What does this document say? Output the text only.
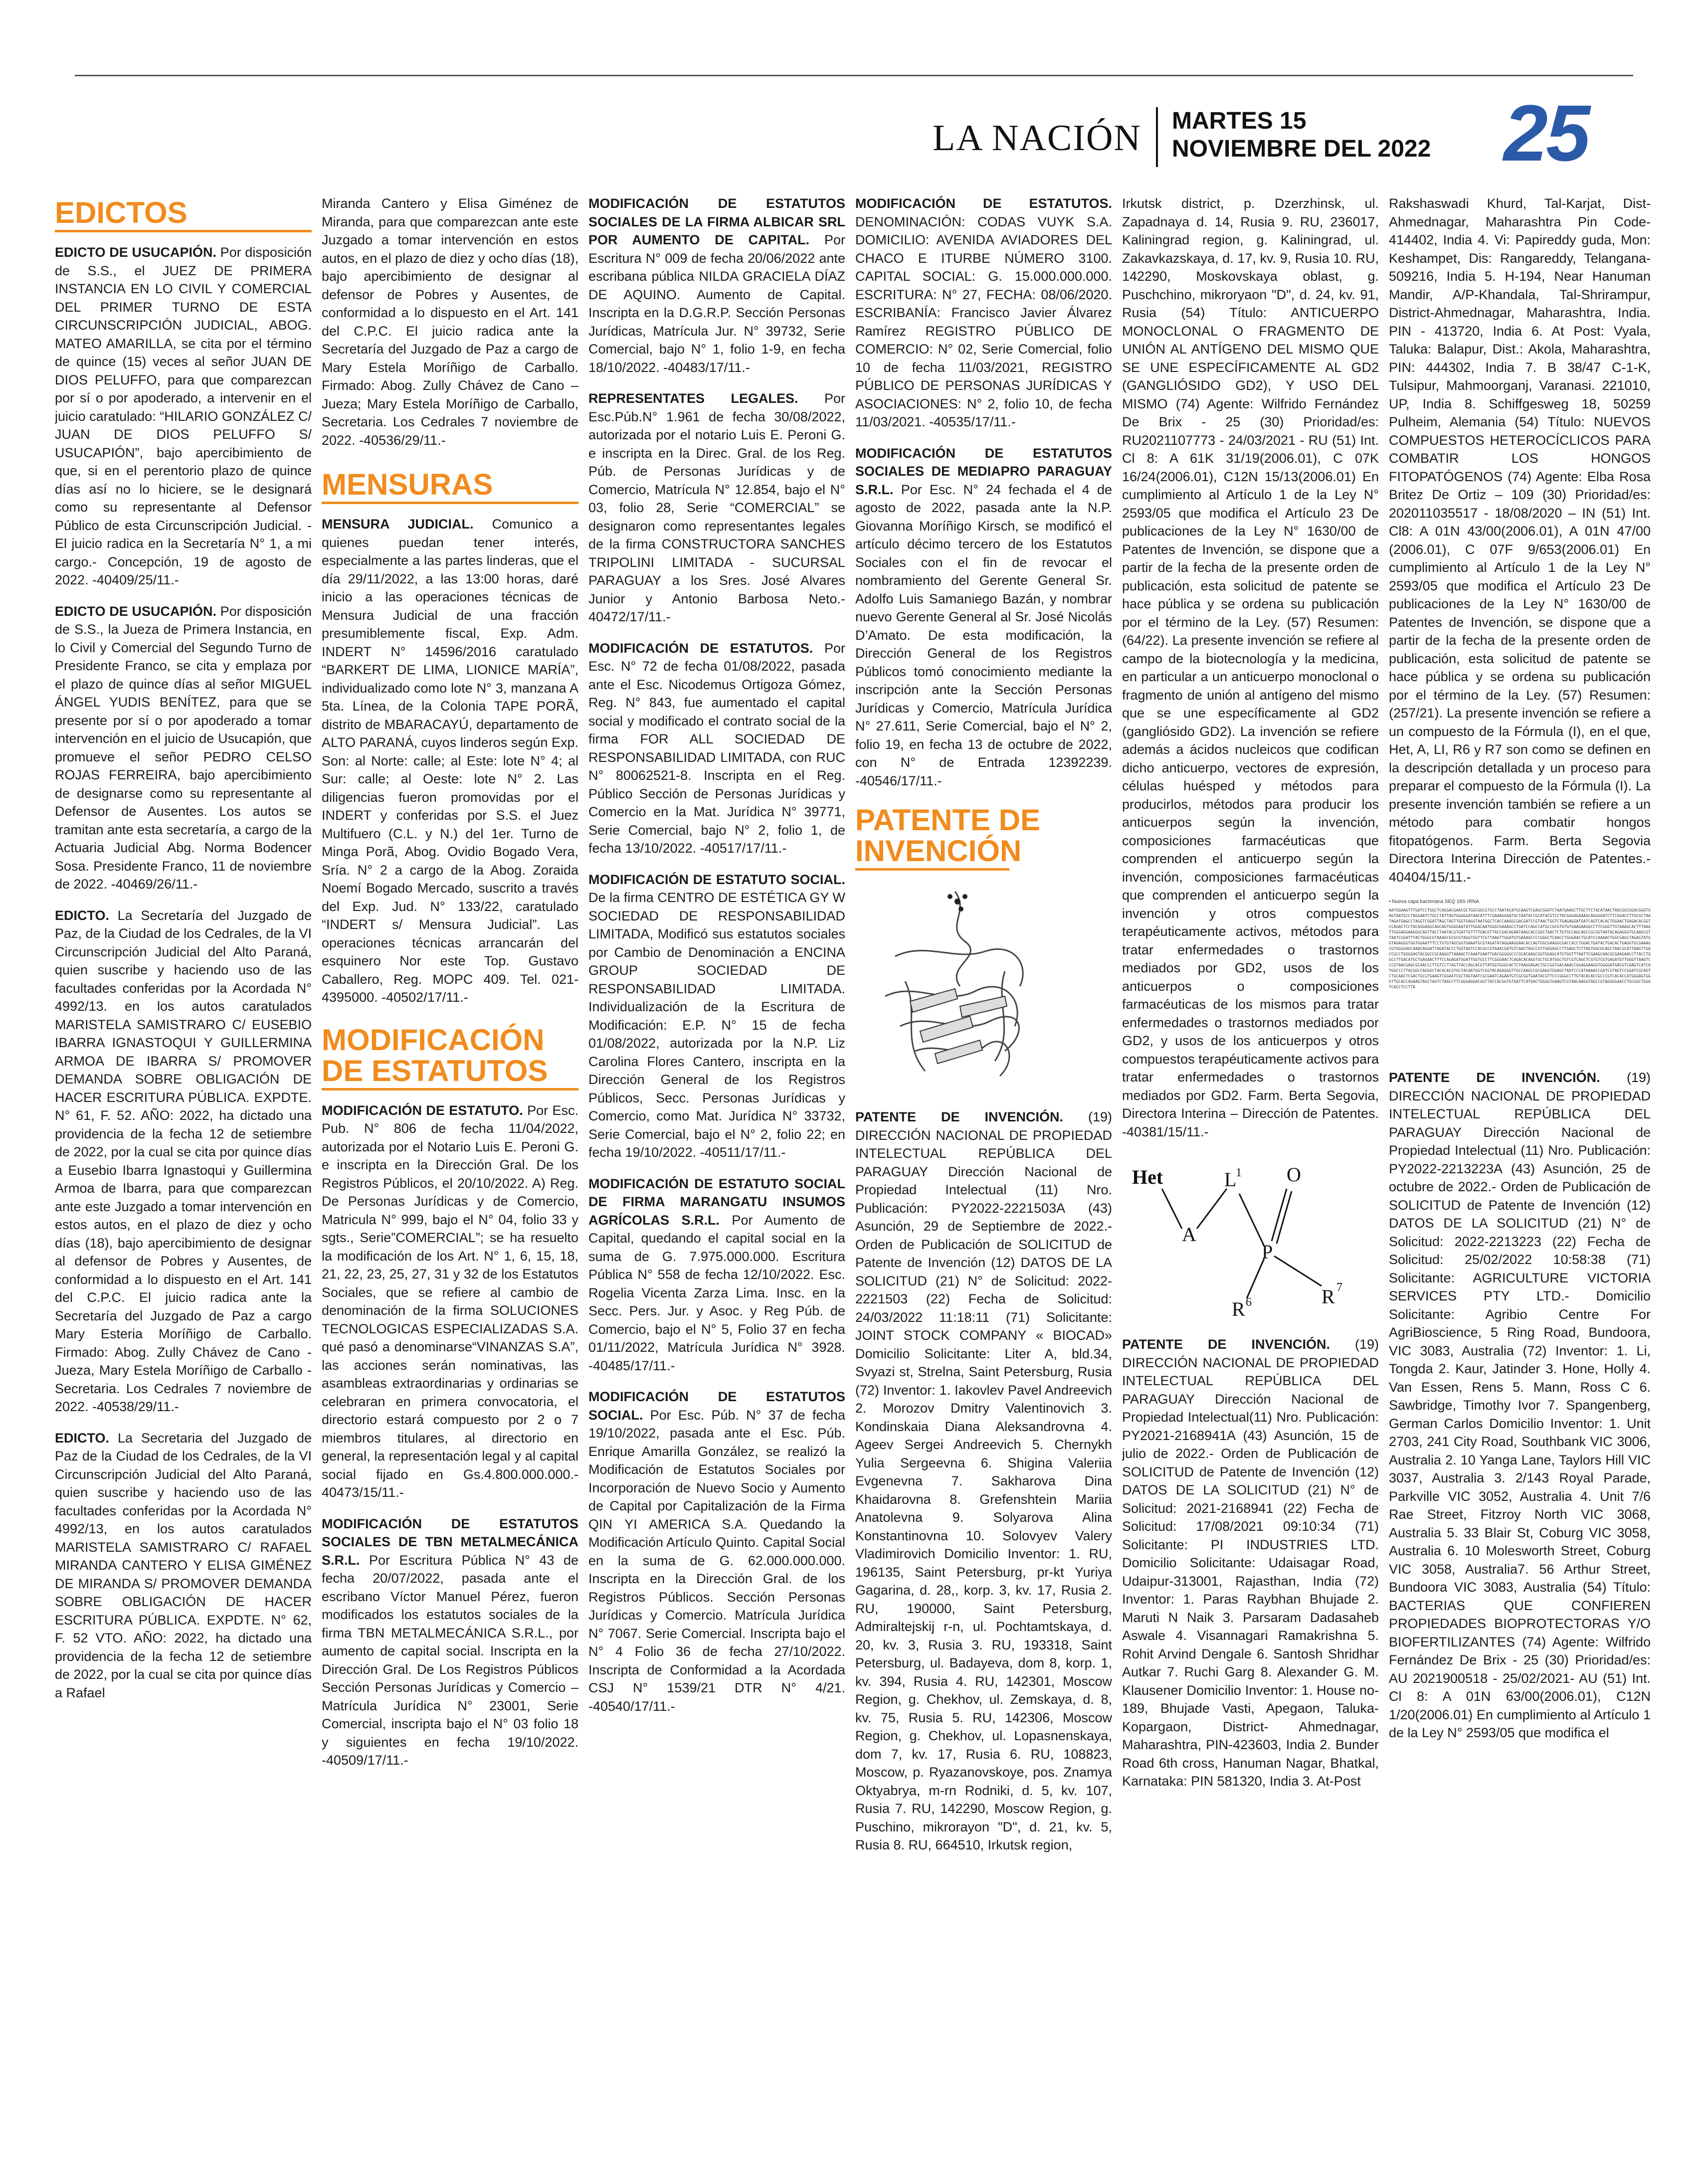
LA NACIÓN MARTES 15
NOVIEMBRE DEL 2022 25
EDICTOS
EDICTO DE USUCAPIÓN. Por disposición de S.S., el JUEZ DE PRIMERA INSTANCIA EN LO CIVIL Y COMERCIAL DEL PRIMER TURNO DE ESTA CIRCUNSCRIPCIÓN JUDICIAL, ABOG. MATEO AMARILLA, se cita por el término de quince (15) veces al señor JUAN DE DIOS PELUFFO, para que comparezcan por sí o por apoderado, a intervenir en el juicio caratulado: “HILARIO GONZÁLEZ C/ JUAN DE DIOS PELUFFO S/ USUCAPIÓN”, bajo apercibimiento de que, si en el perentorio plazo de quince días así no lo hiciere, se le designará como su representante al Defensor Público de esta Circunscripción Judicial. - El juicio radica en la Secretaría N° 1, a mi cargo.- Concepción, 19 de agosto de 2022. -40409/25/11.-
EDICTO DE USUCAPIÓN. Por disposición de S.S., la Jueza de Primera Instancia, en lo Civil y Comercial del Segundo Turno de Presidente Franco, se cita y emplaza por el plazo de quince días al señor MIGUEL ÁNGEL YUDIS BENÍTEZ, para que se presente por sí o por apoderado a tomar intervención en el juicio de Usucapión, que promueve el señor PEDRO CELSO ROJAS FERREIRA, bajo apercibimiento de designarse como su representante al Defensor de Ausentes. Los autos se tramitan ante esta secretaría, a cargo de la Actuaria Judicial Abg. Norma Bodencer Sosa. Presidente Franco, 11 de noviembre de 2022. -40469/26/11.-
EDICTO. La Secretaría del Juzgado de Paz, de la Ciudad de los Cedrales, de la VI Circunscripción Judicial del Alto Paraná, quien suscribe y haciendo uso de las facultades conferidas por la Acordada N° 4992/13. en los autos caratulados MARISTELA SAMISTRARO C/ EUSEBIO IBARRA IGNASTOQUI Y GUILLERMINA ARMOA DE IBARRA S/ PROMOVER DEMANDA SOBRE OBLIGACIÓN DE HACER ESCRITURA PÚBLICA. EXPDTE. N° 61, F. 52. AÑO: 2022, ha dictado una providencia de la fecha 12 de setiembre de 2022, por la cual se cita por quince días a Eusebio Ibarra Ignastoqui y Guillermina Armoa de Ibarra, para que comparezcan ante este Juzgado a tomar intervención en estos autos, en el plazo de diez y ocho días (18), bajo apercibimiento de designar al defensor de Pobres y Ausentes, de conformidad a lo dispuesto en el Art. 141 del C.P.C. El juicio radica ante la Secretaría del Juzgado de Paz a cargo Mary Esteria Moríñigo de Carballo. Firmado: Abog. Zully Chávez de Cano - Jueza, Mary Estela Moríñigo de Carballo - Secretaria. Los Cedrales 7 noviembre de 2022. -40538/29/11.-
EDICTO. La Secretaria del Juzgado de Paz de la Ciudad de los Cedrales, de la VI Circunscripción Judicial del Alto Paraná, quien suscribe y haciendo uso de las facultades conferidas por la Acordada N° 4992/13, en los autos caratulados MARISTELA SAMISTRARO C/ RAFAEL MIRANDA CANTERO Y ELISA GIMÉNEZ DE MIRANDA S/ PROMOVER DEMANDA SOBRE OBLIGACIÓN DE HACER ESCRITURA PÚBLICA. EXPDTE. N° 62, F. 52 VTO. AÑO: 2022, ha dictado una providencia de la fecha 12 de setiembre de 2022, por la cual se cita por quince días a Rafael
Miranda Cantero y Elisa Giménez de Miranda, para que comparezcan ante este Juzgado a tomar intervención en estos autos, en el plazo de diez y ocho días (18), bajo apercibimiento de designar al defensor de Pobres y Ausentes, de conformidad a lo dispuesto en el Art. 141 del C.P.C. El juicio radica ante la Secretaría del Juzgado de Paz a cargo de Mary Estela Moríñigo de Carballo. Firmado: Abog. Zully Chávez de Cano – Jueza; Mary Estela Moríñigo de Carballo, Secretaria. Los Cedrales 7 noviembre de 2022. -40536/29/11.-
MENSURAS
MENSURA JUDICIAL. Comunico a quienes puedan tener interés, especialmente a las partes linderas, que el día 29/11/2022, a las 13:00 horas, daré inicio a las operaciones técnicas de Mensura Judicial de una fracción presumiblemente fiscal, Exp. Adm. INDERT N° 14596/2016 caratulado “BARKERT DE LIMA, LIONICE MARÍA”, individualizado como lote N° 3, manzana A 5ta. Línea, de la Colonia TAPE PORÃ, distrito de MBARACAYÚ, departamento de ALTO PARANÁ, cuyos linderos según Exp. Son: al Norte: calle; al Este: lote N° 4; al Sur: calle; al Oeste: lote N° 2. Las diligencias fueron promovidas por el INDERT y conferidas por S.S. el Juez Multifuero (C.L. y N.) del 1er. Turno de Minga Porã, Abog. Ovidio Bogado Vera, Sría. N° 2 a cargo de la Abog. Zoraida Noemí Bogado Mercado, suscrito a través del Exp. Jud. N° 133/22, caratulado “INDERT s/ Mensura Judicial”. Las operaciones técnicas arrancarán del esquinero Nor este Top. Gustavo Caballero, Reg. MOPC 409. Tel. 021-4395000. -40502/17/11.-
MODIFICACIÓN
DE ESTATUTOS
MODIFICACIÓN DE ESTATUTO. Por Esc. Pub. N° 806 de fecha 11/04/2022, autorizada por el Notario Luis E. Peroni G. e inscripta en la Dirección Gral. De los Registros Públicos, el 20/10/2022. A) Reg. De Personas Jurídicas y de Comercio, Matricula N° 999, bajo el N° 04, folio 33 y sgts., Serie”COMERCIAL”; se ha resuelto la modificación de los Art. N° 1, 6, 15, 18, 21, 22, 23, 25, 27, 31 y 32 de los Estatutos Sociales, que se refiere al cambio de denominación de la firma SOLUCIONES TECNOLOGICAS ESPECIALIZADAS S.A. qué pasó a denominarse“VINANZAS S.A”, las acciones serán nominativas, las asambleas extraordinarias y ordinarias se celebraran en primera convocatoria, el directorio estará compuesto por 2 o 7 miembros titulares, al directorio en general, la representación legal y al capital social fijado en Gs.4.800.000.000.- 40473/15/11.-
MODIFICACIÓN DE ESTATUTOS SOCIALES DE TBN METALMECÁNICA S.R.L. Por Escritura Pública N° 43 de fecha 20/07/2022, pasada ante el escribano Víctor Manuel Pérez, fueron modificados los estatutos sociales de la firma TBN METALMECÁNICA S.R.L., por aumento de capital social. Inscripta en la Dirección Gral. De Los Registros Públicos Sección Personas Jurídicas y Comercio – Matrícula Jurídica N° 23001, Serie Comercial, inscripta bajo el N° 03 folio 18 y siguientes en fecha 19/10/2022. -40509/17/11.-
MODIFICACIÓN DE ESTATUTOS SOCIALES DE LA FIRMA ALBICAR SRL POR AUMENTO DE CAPITAL. Por Escritura N° 009 de fecha 20/06/2022 ante escribana pública NILDA GRACIELA DÍAZ DE AQUINO. Aumento de Capital. Inscripta en la D.G.R.P. Sección Personas Jurídicas, Matrícula Jur. N° 39732, Serie Comercial, bajo N° 1, folio 1-9, en fecha 18/10/2022. -40483/17/11.-
REPRESENTATES LEGALES. Por Esc.Púb.N° 1.961 de fecha 30/08/2022, autorizada por el notario Luis E. Peroni G. e inscripta en la Direc. Gral. de los Reg. Púb. de Personas Jurídicas y de Comercio, Matrícula N° 12.854, bajo el N° 03, folio 28, Serie “COMERCIAL” se designaron como representantes legales de la firma CONSTRUCTORA SANCHES TRIPOLINI LIMITADA - SUCURSAL PARAGUAY a los Sres. José Alvares Junior y Antonio Barbosa Neto.- 40472/17/11.-
MODIFICACIÓN DE ESTATUTOS. Por Esc. N° 72 de fecha 01/08/2022, pasada ante el Esc. Nicodemus Ortigoza Gómez, Reg. N° 843, fue aumentado el capital social y modificado el contrato social de la firma FOR ALL SOCIEDAD DE RESPONSABILIDAD LIMITADA, con RUC N° 80062521-8. Inscripta en el Reg. Público Sección de Personas Jurídicas y Comercio en la Mat. Jurídica N° 39771, Serie Comercial, bajo N° 2, folio 1, de fecha 13/10/2022. -40517/17/11.-
MODIFICACIÓN DE ESTATUTO SOCIAL. De la firma CENTRO DE ESTÉTICA GY W SOCIEDAD DE RESPONSABILIDAD LIMITADA, Modificó sus estatutos sociales por Cambio de Denominación a ENCINA GROUP SOCIEDAD DE RESPONSABILIDAD LIMITADA. Individualización de la Escritura de Modificación: E.P. N° 15 de fecha 01/08/2022, autorizada por la N.P. Liz Carolina Flores Cantero, inscripta en la Dirección General de los Registros Públicos, Secc. Personas Jurídicas y Comercio, como Mat. Jurídica N° 33732, Serie Comercial, bajo el N° 2, folio 22; en fecha 19/10/2022. -40511/17/11.-
MODIFICACIÓN DE ESTATUTO SOCIAL DE FIRMA MARANGATU INSUMOS AGRÍCOLAS S.R.L. Por Aumento de Capital, quedando el capital social en la suma de G. 7.975.000.000. Escritura Pública N° 558 de fecha 12/10/2022. Esc. Rogelia Vicenta Zarza Lima. Insc. en la Secc. Pers. Jur. y Asoc. y Reg Púb. de Comercio, bajo el N° 5, Folio 37 en fecha 01/11/2022, Matrícula Jurídica N° 3928. -40485/17/11.-
MODIFICACIÓN DE ESTATUTOS SOCIAL. Por Esc. Púb. N° 37 de fecha 19/10/2022, pasada ante el Esc. Púb. Enrique Amarilla González, se realizó la Modificación de Estatutos Sociales por Incorporación de Nuevo Socio y Aumento de Capital por Capitalización de la Firma QIN YI AMERICA S.A. Quedando la Modificación Artículo Quinto. Capital Social en la suma de G. 62.000.000.000. Inscripta en la Dirección Gral. de los Registros Públicos. Sección Personas Jurídicas y Comercio. Matrícula Jurídica N° 7067. Serie Comercial. Inscripta bajo el N° 4 Folio 36 de fecha 27/10/2022. Inscripta de Conformidad a la Acordada CSJ N° 1539/21 DTR N° 4/21. -40540/17/11.-
MODIFICACIÓN DE ESTATUTOS. DENOMINACIÓN: CODAS VUYK S.A. DOMICILIO: AVENIDA AVIADORES DEL CHACO E ITURBE NÚMERO 3100. CAPITAL SOCIAL: G. 15.000.000.000. ESCRITURA: N° 27, FECHA: 08/06/2020. ESCRIBANÍA: Francisco Javier Álvarez Ramírez REGISTRO PÚBLICO DE COMERCIO: N° 02, Serie Comercial, folio 10 de fecha 11/03/2021, REGISTRO PÚBLICO DE PERSONAS JURÍDICAS Y ASOCIACIONES: N° 2, folio 10, de fecha 11/03/2021. -40535/17/11.-
MODIFICACIÓN DE ESTATUTOS SOCIALES DE MEDIAPRO PARAGUAY S.R.L. Por Esc. N° 24 fechada el 4 de agosto de 2022, pasada ante la N.P. Giovanna Moríñigo Kirsch, se modificó el artículo décimo tercero de los Estatutos Sociales con el fin de revocar el nombramiento del Gerente General Sr. Adolfo Luis Samaniego Bazán, y nombrar nuevo Gerente General al Sr. José Nicolás D’Amato. De esta modificación, la Dirección General de los Registros Públicos tomó conocimiento mediante la inscripción ante la Sección Personas Jurídicas y Comercio, Matrícula Jurídica N° 27.611, Serie Comercial, bajo el N° 2, folio 19, en fecha 13 de octubre de 2022, con N° de Entrada 12392239. -40546/17/11.-
PATENTE DE
INVENCIÓN
PATENTE DE INVENCIÓN. (19) DIRECCIÓN NACIONAL DE PROPIEDAD INTELECTUAL REPÚBLICA DEL PARAGUAY Dirección Nacional de Propiedad Intelectual (11) Nro. Publicación: PY2022-2221503A (43) Asunción, 29 de Septiembre de 2022.- Orden de Publicación de SOLICITUD de Patente de Invención (12) DATOS DE LA SOLICITUD (21) N° de Solicitud: 2022-2221503 (22) Fecha de Solicitud: 24/03/2022 11:18:11 (71) Solicitante: JOINT STOCK COMPANY « BIOCAD» Domicilio Solicitante: Liter A, bld.34, Svyazi st, Strelna, Saint Petersburg, Rusia (72) Inventor: 1. Iakovlev Pavel Andreevich 2. Morozov Dmitry Valentinovich 3. Kondinskaia Diana Aleksandrovna 4. Ageev Sergei Andreevich 5. Chernykh Yulia Sergeevna 6. Shigina Valeriia Evgenevna 7. Sakharova Dina Khaidarovna 8. Grefenshtein Mariia Anatolevna 9. Solyarova Alina Konstantinovna 10. Solovyev Valery Vladimirovich Domicilio Inventor: 1. RU, 196135, Saint Petersburg, pr-kt Yuriya Gagarina, d. 28,, korp. 3, kv. 17, Rusia 2. RU, 190000, Saint Petersburg, Admiraltejskij r-n, ul. Pochtamtskaya, d. 20, kv. 3, Rusia 3. RU, 193318, Saint Petersburg, ul. Badayeva, dom 8, korp. 1, kv. 394, Rusia 4. RU, 142301, Moscow Region, g. Chekhov, ul. Zemskaya, d. 8, kv. 75, Rusia 5. RU, 142306, Moscow Region, g. Chekhov, ul. Lopasnenskaya, dom 7, kv. 17, Rusia 6. RU, 108823, Moscow, p. Ryazanovskoye, pos. Znamya Oktyabrya, m-rn Rodniki, d. 5, kv. 107, Rusia 7. RU, 142290, Moscow Region, g. Puschino, mikrorayon "D", d. 21, kv. 5, Rusia 8. RU, 664510, Irkutsk region,
Irkutsk district, p. Dzerzhinsk, ul. Zapadnaya d. 14, Rusia 9. RU, 236017, Kaliningrad region, g. Kaliningrad, ul. Zakavkazskaya, d. 17, kv. 9, Rusia 10. RU, 142290, Moskovskaya oblast, g. Puschchino, mikroryaon "D", d. 24, kv. 91, Rusia (54) Título: ANTICUERPO MONOCLONAL O FRAGMENTO DE UNIÓN AL ANTÍGENO DEL MISMO QUE SE UNE ESPECÍFICAMENTE AL GD2 (GANGLIÓSIDO GD2), Y USO DEL MISMO (74) Agente: Wilfrido Fernández De Brix - 25 (30) Prioridad/es: RU2021107773 - 24/03/2021 - RU (51) Int. Cl 8: A 61K 31/19(2006.01), C 07K 16/24(2006.01), C12N 15/13(2006.01) En cumplimiento al Artículo 1 de la Ley N° 2593/05 que modifica el Artículo 23 De publicaciones de la Ley N° 1630/00 de Patentes de Invención, se dispone que a partir de la fecha de la presente orden de publicación, esta solicitud de patente se hace pública y se ordena su publicación por el término de la Ley. (57) Resumen: (64/22). La presente invención se refiere al campo de la biotecnología y la medicina, en particular a un anticuerpo monoclonal o fragmento de unión al antígeno del mismo que se une específicamente al GD2 (gangliósido GD2). La invención se refiere además a ácidos nucleicos que codifican dicho anticuerpo, vectores de expresión, células huésped y métodos para producirlos, métodos para producir los anticuerpos según la invención, composiciones farmacéuticas que comprenden el anticuerpo según la invención, composiciones farmacéuticas que comprenden el anticuerpo según la invención y otros compuestos terapéuticamente activos, métodos para tratar enfermedades o trastornos mediados por GD2, usos de los anticuerpos o composiciones farmacéuticas de los mismos para tratar enfermedades o trastornos mediados por GD2, y usos de los anticuerpos y otros compuestos terapéuticamente activos para tratar enfermedades o trastornos mediados por GD2. Farm. Berta Segovia, Directora Interina – Dirección de Patentes. -40381/15/11.-
Het
A
L
1 O
P
R 6	R 7
PATENTE DE INVENCIÓN. (19) DIRECCIÓN NACIONAL DE PROPIEDAD INTELECTUAL REPÚBLICA DEL PARAGUAY Dirección Nacional de Propiedad Intelectual(11) Nro. Publicación: PY2021-2168941A (43) Asunción, 15 de julio de 2022.- Orden de Publicación de SOLICITUD de Patente de Invención (12) DATOS DE LA SOLICITUD (21) N° de Solicitud: 2021-2168941 (22) Fecha de Solicitud: 17/08/2021 09:10:34 (71) Solicitante: PI INDUSTRIES LTD. Domicilio Solicitante: Udaisagar Road, Udaipur-313001, Rajasthan, India (72) Inventor: 1. Paras Raybhan Bhujade 2. Maruti N Naik 3. Parsaram Dadasaheb Aswale 4. Visannagari Ramakrishna 5. Rohit Arvind Dengale 6. Santosh Shridhar Autkar 7. Ruchi Garg 8. Alexander G. M. Klausener Domicilio Inventor: 1. House no- 189, Bhujade Vasti, Apegaon, Taluka-Kopargaon, District- Ahmednagar, Maharashtra, PIN-423603, India 2. Bunder Road 6th cross, Hanuman Nagar, Bhatkal, Karnataka: PIN 581320, India 3. At-Post
Rakshaswadi Khurd, Tal-Karjat, Dist-Ahmednagar, Maharashtra Pin Code-414402, India 4. Vi: Papireddy guda, Mon: Keshampet, Dis: Rangareddy, Telangana-509216, India 5. H-194, Near Hanuman Mandir, A/P-Khandala, Tal-Shrirampur, District-Ahmednagar, Maharashtra, India. PIN - 413720, India 6. At Post: Vyala, Taluka: Balapur, Dist.: Akola, Maharashtra, PIN: 444302, India 7. B 38/47 C-1-K, Tulsipur, Mahmoorganj, Varanasi. 221010, UP, India 8. Schiffgesweg 18, 50259 Pulheim, Alemania (54) Título: NUEVOS COMPUESTOS HETEROCÍCLICOS PARA COMBATIR LOS HONGOS FITOPATÓGENOS (74) Agente: Elba Rosa Britez De Ortiz – 109 (30) Prioridad/es: 202011035517 - 18/08/2020 – IN (51) Int. Cl8: A 01N 43/00(2006.01), A 01N 47/00 (2006.01), C 07F 9/653(2006.01) En cumplimiento al Artículo 1 de la Ley N° 2593/05 que modifica el Artículo 23 De publicaciones de la Ley N° 1630/00 de Patentes de Invención, se dispone que a partir de la fecha de la presente orden de publicación, esta solicitud de patente se hace pública y se ordena su publicación por el término de la Ley. (57) Resumen: (257/21). La presente invención se refiere a un compuesto de la Fórmula (I), en el que, Het, A, LI, R6 y R7 son como se definen en la descripción detallada y un proceso para preparar el compuesto de la Fórmula (I). La presente invención también se refiere a un método para combatir hongos fitopatógenos. Farm. Berta Segovia Directora Interina Dirección de Patentes.- 40404/15/11.-
• Nueva capa bacteriana SEQ 18S rRNA
AATGGAAGTTTGATCCTGGCTCAGGACGAACGCTGGCGGCGTGCCTAATACATGCAAGTCGAGCGGATCTAATGAAGCTTGCTTCTACATAACTAGCGGCGGACGGGTGAGTAATGCCTAGGAATCTGCCTATTAGTGGGGGATAACATTTCGAAAGGAATGCTAATACCGCATACGTCCTACGGGAGAAAGCAGGGGATCTTCGGACCTTGCGCTAATAGATGAGCCTAGGTCGGATTAGCTAGTTGGTGAGGTAATGGCTCACCAAGGCGACGATCCGTAACTGGTCTGAGAGGATGATCAGTCACACTGGAACTGAGACACGGTCCAGACTCCTACGGGAGGCAGCAGTGGGGAATATTGGACAATGGGCGAAAGCCTGATCCAGCCATGCCGCGTGTGTGAAGAAGGCCTTCGGGTTGTAAAGCACTTTAAGTTGGGAGGAAGGGCAGTTACCTAATACGTGATTGTTTTGACGTTACCGACAGAATAAGCACCGGCTAACTCTGTGCCAGCAGCCGCGGTAATACAGAGGGTGCAAGCGTTAATCGGATTTACTGGGCGTAAAGCGCGCGTAGGTGGTTCGTTAAGTTGGATGTGAAAGCCCCGGGCTCAACCTGGGAACTGCATCCAAAACTGGCGAGCTAGAGTATGGTAGAGGGTGGTGGAATTTCCTGTGTAGCGGTGAAATGCGTAGATATAGGAAGGAACACCAGTGGCGAAGGCGACCACCTGGACTGATACTGACACTGAGGTGCGAAAGCGTGGGGAGCAAACAGGATTAGATACCCTGGTAGTCCACGCCGTAAACGATGTCAACTAGCCGTTGGGAGCCTTGAGCTCTTAGTGGCGCAGCTAACGCATTAAGTTGACCGCCTGGGGAGTACGGCCGCAAGGTTAAAACTCAAATGAATTGACGGGGGCCCGCACAAGCGGTGGAGCATGTGGTTTAATTCGAAGCAACGCGAAGAACCTTACCTGGCCTTGACATGCTGAGAACTTTCCAGAGATGGATTGGTGCCTTCGGGAACTCAGACACAGGTGCTGCATGGCTGTCGTCAGCTCGTGTCGTGAGATGTTGGGTTAAGTCCCGTAACGAGCGCAACCCTTGTCCTTAGTTACCAGCACGTTATGGTGGGCACTCTAAGGAGACTGCCGGTGACAAACCGGAGGAAGGTGGGGATGACGTCAAGTCATCATGGCCCTTACGGCCAGGGCTACACACGTGCTACAATGGTCGGTACAGAGGGTTGCCAAGCCGCGAGGTGGAGCTAATCCCATAAAACCGATCGTAGTCCGGATCGCAGTCTGCAACTCGACTGCGTGAAGTCGGAATCGCTAGTAATCGCGAATCAGAATGTCGCGGTGAATACGTTCCCGGGCCTTGTACACACCGCCCGTCACACCATGGGAGTGGGTTGCACCAGAAGTAGCTAGTCTAACCTTCGGGAGGACGGTTACCACGGTGTGATTCATGACTGGGGTGAAGTCGTAACAAGGTAGCCGTAGGGGAACCTGCGGCTGGATCACCTCCTTA
PATENTE DE INVENCIÓN. (19) DIRECCIÓN NACIONAL DE PROPIEDAD INTELECTUAL REPÚBLICA DEL PARAGUAY Dirección Nacional de Propiedad Intelectual (11) Nro. Publicación: PY2022-2213223A (43) Asunción, 25 de octubre de 2022.- Orden de Publicación de SOLICITUD de Patente de Invención (12) DATOS DE LA SOLICITUD (21) N° de Solicitud: 2022-2213223 (22) Fecha de Solicitud: 25/02/2022 10:58:38 (71) Solicitante: AGRICULTURE VICTORIA SERVICES PTY LTD.- Domicilio Solicitante: Agribio Centre For AgriBioscience, 5 Ring Road, Bundoora, VIC 3083, Australia (72) Inventor: 1. Li, Tongda 2. Kaur, Jatinder 3. Hone, Holly 4. Van Essen, Rens 5. Mann, Ross C 6. Sawbridge, Timothy Ivor 7. Spangenberg, German Carlos Domicilio Inventor: 1. Unit 2703, 241 City Road, Southbank VIC 3006, Australia 2. 10 Yanga Lane, Taylors Hill VIC 3037, Australia 3. 2/143 Royal Parade, Parkville VIC 3052, Australia 4. Unit 7/6 Rae Street, Fitzroy North VIC 3068, Australia 5. 33 Blair St, Coburg VIC 3058, Australia 6. 10 Molesworth Street, Coburg VIC 3058, Australia7. 56 Arthur Street, Bundoora VIC 3083, Australia (54) Título: BACTERIAS QUE CONFIEREN PROPIEDADES BIOPROTECTORAS Y/O BIOFERTILIZANTES (74) Agente: Wilfrido Fernández De Brix - 25 (30) Prioridad/es: AU 2021900518 - 25/02/2021- AU (51) Int. Cl 8: A 01N 63/00(2006.01), C12N 1/20(2006.01) En cumplimiento al Artículo 1 de la Ley N° 2593/05 que modifica el
